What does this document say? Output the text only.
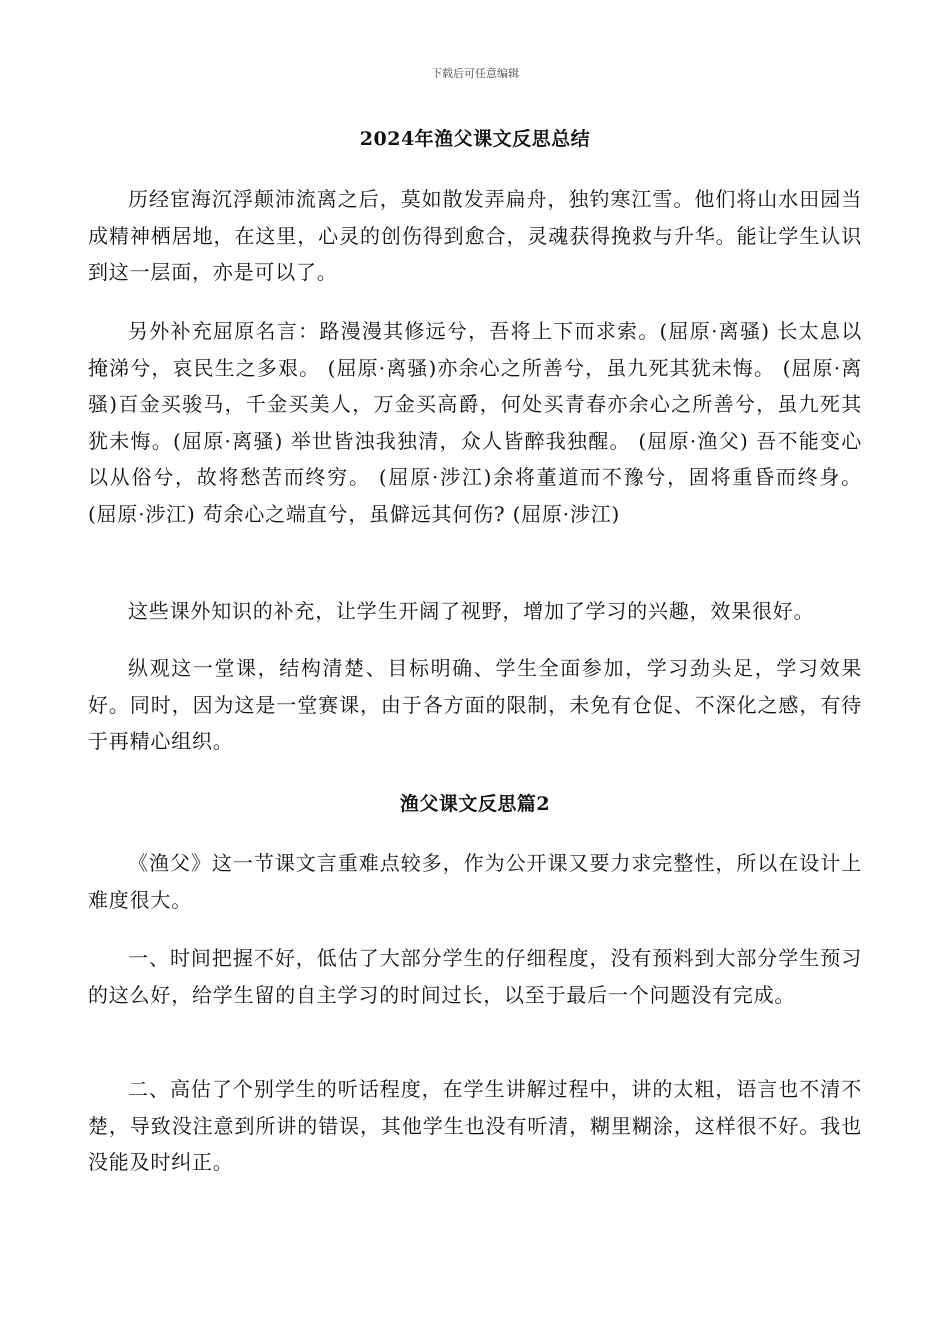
下载后可任意编辑
2024年渔父课文反思总结

历经宦海沉浮颠沛流离之后，莫如散发弄扁舟，独钓寒江雪。他们将山水田园当成精神栖居地，在这里，心灵的创伤得到愈合，灵魂获得挽救与升华。能让学生认识到这一层面，亦是可以了。

另外补充屈原名言：路漫漫其修远兮，吾将上下而求索。(屈原·离骚) 长太息以掩涕兮，哀民生之多艰。 (屈原·离骚)亦余心之所善兮，虽九死其犹未悔。 (屈原·离骚)百金买骏马，千金买美人，万金买高爵，何处买青春亦余心之所善兮，虽九死其犹未悔。(屈原·离骚) 举世皆浊我独清，众人皆醉我独醒。 (屈原·渔父) 吾不能变心以从俗兮，故将愁苦而终穷。 (屈原·涉江)余将董道而不豫兮，固将重昏而终身。 (屈原·涉江) 苟余心之端直兮，虽僻远其何伤? (屈原·涉江)

这些课外知识的补充，让学生开阔了视野，增加了学习的兴趣，效果很好。

纵观这一堂课，结构清楚、目标明确、学生全面参加，学习劲头足，学习效果好。同时，因为这是一堂赛课，由于各方面的限制，未免有仓促、不深化之感，有待于再精心组织。

渔父课文反思篇2

《渔父》这一节课文言重难点较多，作为公开课又要力求完整性，所以在设计上难度很大。

一、时间把握不好，低估了大部分学生的仔细程度，没有预料到大部分学生预习的这么好，给学生留的自主学习的时间过长，以至于最后一个问题没有完成。

二、高估了个别学生的听话程度，在学生讲解过程中，讲的太粗，语言也不清不楚，导致没注意到所讲的错误，其他学生也没有听清，糊里糊涂，这样很不好。我也没能及时纠正。
